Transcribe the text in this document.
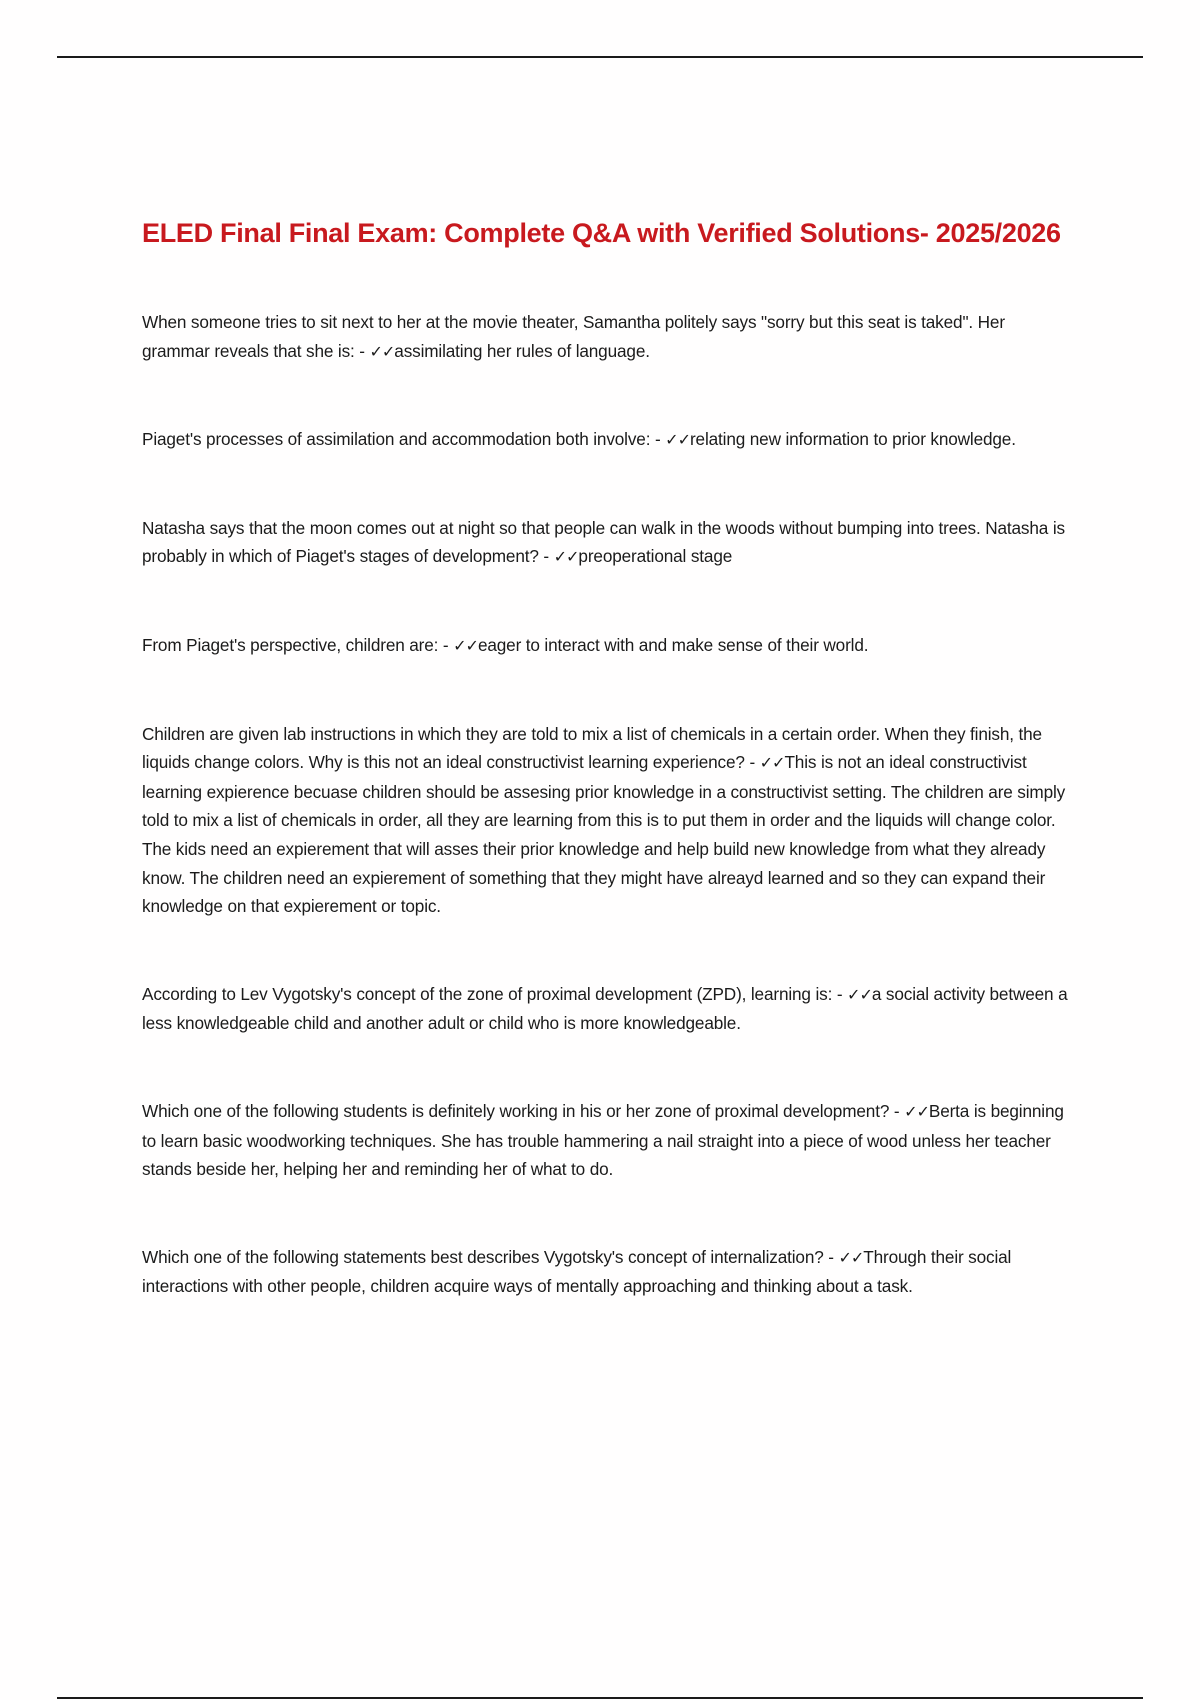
ELED Final Final Exam: Complete Q&A with Verified Solutions- 2025/2026

When someone tries to sit next to her at the movie theater, Samantha politely says "sorry but this seat is taked". Her grammar reveals that she is: - ✓✓assimilating her rules of language.

Piaget's processes of assimilation and accommodation both involve: - ✓✓relating new information to prior knowledge.

Natasha says that the moon comes out at night so that people can walk in the woods without bumping into trees. Natasha is probably in which of Piaget's stages of development? - ✓✓preoperational stage

From Piaget's perspective, children are: - ✓✓eager to interact with and make sense of their world.

Children are given lab instructions in which they are told to mix a list of chemicals in a certain order. When they finish, the liquids change colors. Why is this not an ideal constructivist learning experience? - ✓✓This is not an ideal constructivist learning expierence becuase children should be assesing prior knowledge in a constructivist setting. The children are simply told to mix a list of chemicals in order, all they are learning from this is to put them in order and the liquids will change color. The kids need an expierement that will asses their prior knowledge and help build new knowledge from what they already know. The children need an expierement of something that they might have alreayd learned and so they can expand their knowledge on that expierement or topic.

According to Lev Vygotsky's concept of the zone of proximal development (ZPD), learning is: - ✓✓a social activity between a less knowledgeable child and another adult or child who is more knowledgeable.

Which one of the following students is definitely working in his or her zone of proximal development? - ✓✓Berta is beginning to learn basic woodworking techniques. She has trouble hammering a nail straight into a piece of wood unless her teacher stands beside her, helping her and reminding her of what to do.

Which one of the following statements best describes Vygotsky's concept of internalization? - ✓✓Through their social interactions with other people, children acquire ways of mentally approaching and thinking about a task.
